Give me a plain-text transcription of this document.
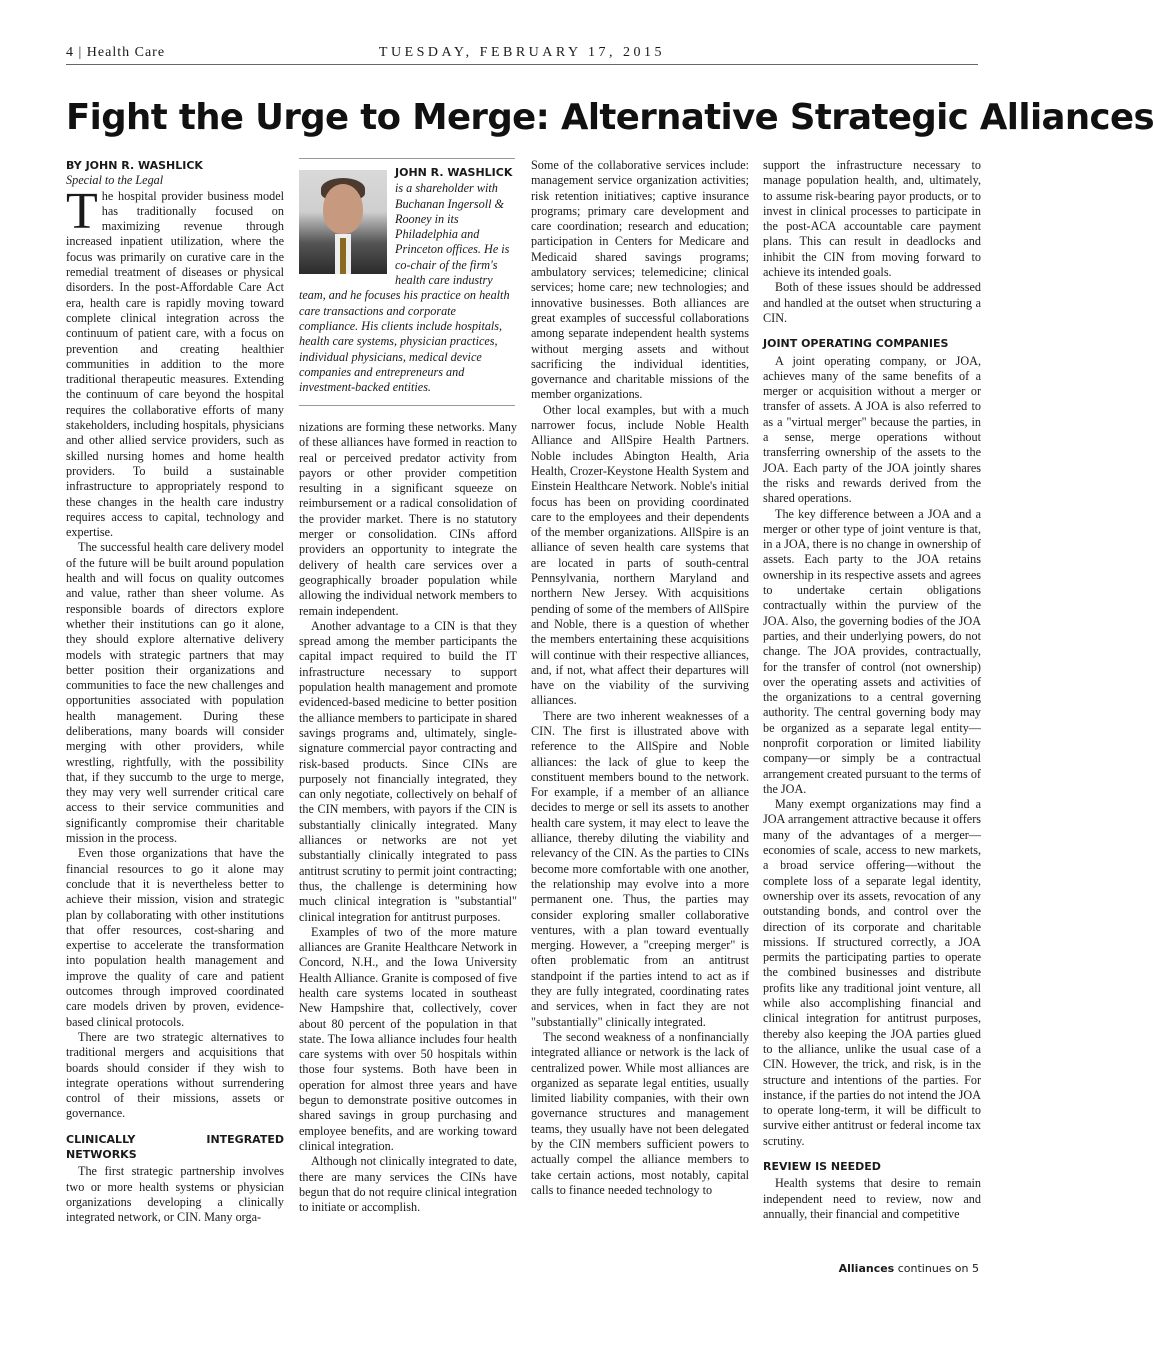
4 | Health Care	TUESDAY, FEBRUARY 17, 2015
Fight the Urge to Merge: Alternative Strategic Alliances

BY JOHN R. WASHLICK

Special to the Legal

The hospital provider business model has traditionally focused on maximizing revenue through increased inpatient utilization, where the focus was primarily on curative care in the remedial treatment of diseases or physical disorders. In the post-Affordable Care Act era, health care is rapidly moving toward complete clinical integration across the continuum of patient care, with a focus on prevention and creating healthier communities in addition to the more traditional therapeutic measures. Extending the continuum of care beyond the hospital requires the collaborative efforts of many stakeholders, including hospitals, physicians and other allied service providers, such as skilled nursing homes and home health providers. To build a sustainable infrastructure to appropriately respond to these changes in the health care industry requires access to capital, technology and expertise.

The successful health care delivery model of the future will be built around population health and will focus on quality outcomes and value, rather than sheer volume. As responsible boards of directors explore whether their institutions can go it alone, they should explore alternative delivery models with strategic partners that may better position their organizations and communities to face the new challenges and opportunities associated with population health management. During these deliberations, many boards will consider merging with other providers, while wrestling, rightfully, with the possibility that, if they succumb to the urge to merge, they may very well surrender critical care access to their service communities and significantly compromise their charitable mission in the process.

Even those organizations that have the financial resources to go it alone may conclude that it is nevertheless better to achieve their mission, vision and strategic plan by collaborating with other institutions that offer resources, cost-sharing and expertise to accelerate the transformation into population health management and improve the quality of care and patient outcomes through improved coordinated care models driven by proven, evidence-based clinical protocols.

There are two strategic alternatives to traditional mergers and acquisitions that boards should consider if they wish to integrate operations without surrendering control of their missions, assets or governance.

CLINICALLY INTEGRATED NETWORKS

The first strategic partnership involves two or more health systems or physician organizations developing a clinically integrated network, or CIN. Many orga-

JOHN R. WASHLICK
is a shareholder with Buchanan Ingersoll & Rooney in its Philadelphia and Princeton offices. He is co-chair of the firm's health care industry team, and he focuses his practice on health care transactions and corporate compliance. His clients include hospitals, health care systems, physician practices, individual physicians, medical device companies and entrepreneurs and investment-backed entities.

nizations are forming these networks. Many of these alliances have formed in reaction to real or perceived predator activity from payors or other provider competition resulting in a significant squeeze on reimbursement or a radical consolidation of the provider market. There is no statutory merger or consolidation. CINs afford providers an opportunity to integrate the delivery of health care services over a geographically broader population while allowing the individual network members to remain independent.

Another advantage to a CIN is that they spread among the member participants the capital impact required to build the IT infrastructure necessary to support population health management and promote evidenced-based medicine to better position the alliance members to participate in shared savings programs and, ultimately, single-signature commercial payor contracting and risk-based products. Since CINs are purposely not financially integrated, they can only negotiate, collectively on behalf of the CIN members, with payors if the CIN is substantially clinically integrated. Many alliances or networks are not yet substantially clinically integrated to pass antitrust scrutiny to permit joint contracting; thus, the challenge is determining how much clinical integration is "substantial" clinical integration for antitrust purposes.

Examples of two of the more mature alliances are Granite Healthcare Network in Concord, N.H., and the Iowa University Health Alliance. Granite is composed of five health care systems located in southeast New Hampshire that, collectively, cover about 80 percent of the population in that state. The Iowa alliance includes four health care systems with over 50 hospitals within those four systems. Both have been in operation for almost three years and have begun to demonstrate positive outcomes in shared savings in group purchasing and employee benefits, and are working toward clinical integration.

Although not clinically integrated to date, there are many services the CINs have begun that do not require clinical integration to initiate or accomplish.

Some of the collaborative services include: management service organization activities; risk retention initiatives; captive insurance programs; primary care development and care coordination; research and education; participation in Centers for Medicare and Medicaid shared savings programs; ambulatory services; telemedicine; clinical services; home care; new technologies; and innovative businesses. Both alliances are great examples of successful collaborations among separate independent health systems without merging assets and without sacrificing the individual identities, governance and charitable missions of the member organizations.

Other local examples, but with a much narrower focus, include Noble Health Alliance and AllSpire Health Partners. Noble includes Abington Health, Aria Health, Crozer-Keystone Health System and Einstein Healthcare Network. Noble's initial focus has been on providing coordinated care to the employees and their dependents of the member organizations. AllSpire is an alliance of seven health care systems that are located in parts of south-central Pennsylvania, northern Maryland and northern New Jersey. With acquisitions pending of some of the members of AllSpire and Noble, there is a question of whether the members entertaining these acquisitions will continue with their respective alliances, and, if not, what affect their departures will have on the viability of the surviving alliances.

There are two inherent weaknesses of a CIN. The first is illustrated above with reference to the AllSpire and Noble alliances: the lack of glue to keep the constituent members bound to the network. For example, if a member of an alliance decides to merge or sell its assets to another health care system, it may elect to leave the alliance, thereby diluting the viability and relevancy of the CIN. As the parties to CINs become more comfortable with one another, the relationship may evolve into a more permanent one. Thus, the parties may consider exploring smaller collaborative ventures, with a plan toward eventually merging. However, a "creeping merger" is often problematic from an antitrust standpoint if the parties intend to act as if they are fully integrated, coordinating rates and services, when in fact they are not "substantially" clinically integrated.

The second weakness of a nonfinancially integrated alliance or network is the lack of centralized power. While most alliances are organized as separate legal entities, usually limited liability companies, with their own governance structures and management teams, they usually have not been delegated by the CIN members sufficient powers to actually compel the alliance members to take certain actions, most notably, capital calls to finance needed technology to

support the infrastructure necessary to manage population health, and, ultimately, to assume risk-bearing payor products, or to invest in clinical processes to participate in the post-ACA accountable care payment plans. This can result in deadlocks and inhibit the CIN from moving forward to achieve its intended goals.

Both of these issues should be addressed and handled at the outset when structuring a CIN.

JOINT OPERATING COMPANIES

A joint operating company, or JOA, achieves many of the same benefits of a merger or acquisition without a merger or transfer of assets. A JOA is also referred to as a "virtual merger" because the parties, in a sense, merge operations without transferring ownership of the assets to the JOA. Each party of the JOA jointly shares the risks and rewards derived from the shared operations.

The key difference between a JOA and a merger or other type of joint venture is that, in a JOA, there is no change in ownership of assets. Each party to the JOA retains ownership in its respective assets and agrees to undertake certain obligations contractually within the purview of the JOA. Also, the governing bodies of the JOA parties, and their underlying powers, do not change. The JOA provides, contractually, for the transfer of control (not ownership) over the operating assets and activities of the organizations to a central governing authority. The central governing body may be organized as a separate legal entity—nonprofit corporation or limited liability company—or simply be a contractual arrangement created pursuant to the terms of the JOA.

Many exempt organizations may find a JOA arrangement attractive because it offers many of the advantages of a merger—economies of scale, access to new markets, a broad service offering—without the complete loss of a separate legal identity, ownership over its assets, revocation of any outstanding bonds, and control over the direction of its corporate and charitable missions. If structured correctly, a JOA permits the participating parties to operate the combined businesses and distribute profits like any traditional joint venture, all while also accomplishing financial and clinical integration for antitrust purposes, thereby also keeping the JOA parties glued to the alliance, unlike the usual case of a CIN. However, the trick, and risk, is in the structure and intentions of the parties. For instance, if the parties do not intend the JOA to operate long-term, it will be difficult to survive either antitrust or federal income tax scrutiny.

REVIEW IS NEEDED

Health systems that desire to remain independent need to review, now and annually, their financial and competitive

Alliances continues on 5
